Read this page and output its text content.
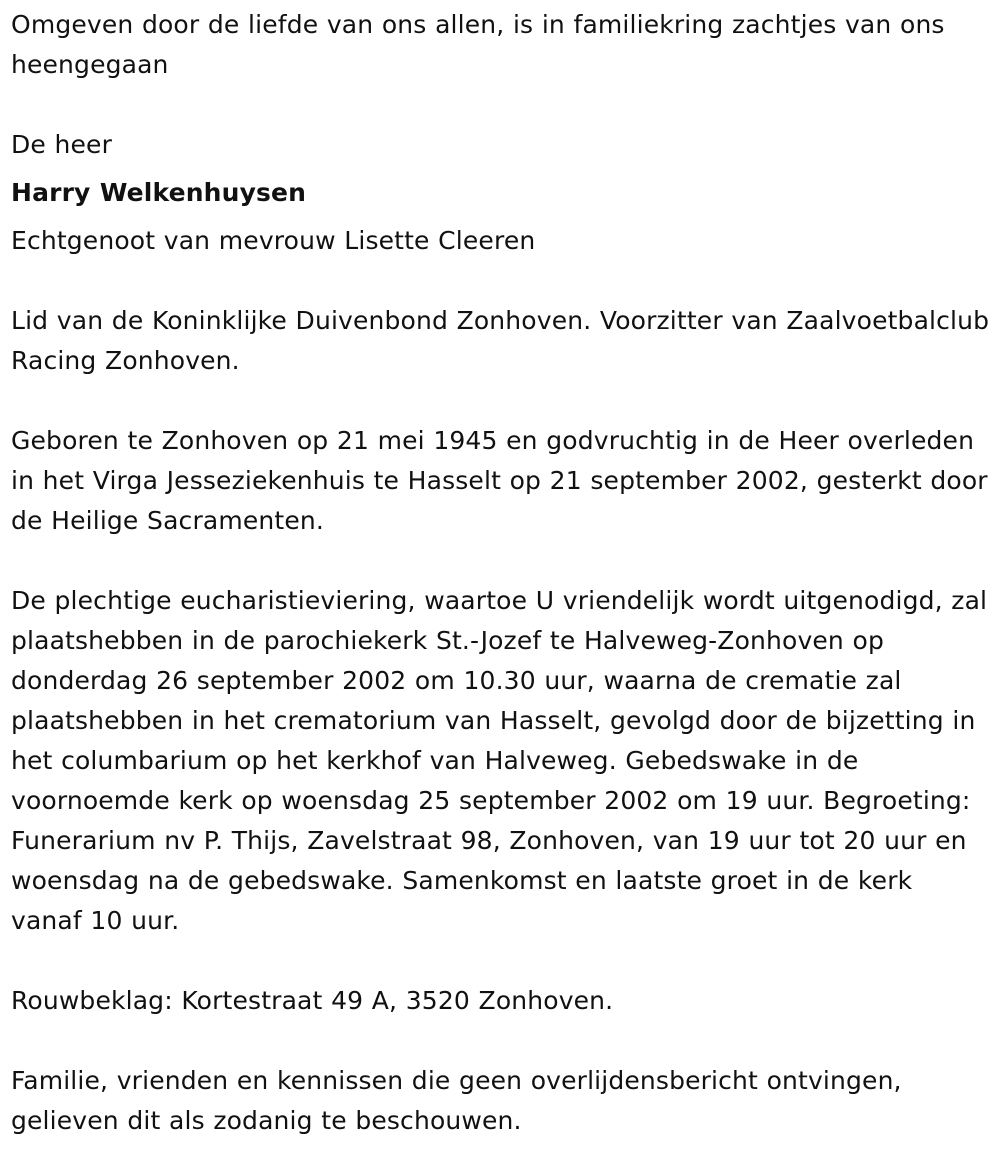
Omgeven door de liefde van ons allen, is in familiekring zachtjes van ons heengegaan

De heer

Harry Welkenhuysen

Echtgenoot van mevrouw Lisette Cleeren

Lid van de Koninklijke Duivenbond Zonhoven. Voorzitter van Zaalvoetbalclub Racing Zonhoven.

Geboren te Zonhoven op 21 mei 1945 en godvruchtig in de Heer overleden in het Virga Jesseziekenhuis te Hasselt op 21 september 2002, gesterkt door de Heilige Sacramenten.

De plechtige eucharistieviering, waartoe U vriendelijk wordt uitgenodigd, zal plaatshebben in de parochiekerk St.-Jozef te Halveweg-Zonhoven op donderdag 26 september 2002 om 10.30 uur, waarna de crematie zal plaatshebben in het crematorium van Hasselt, gevolgd door de bijzetting in het columbarium op het kerkhof van Halveweg. Gebedswake in de voornoemde kerk op woensdag 25 september 2002 om 19 uur. Begroeting: Funerarium nv P. Thijs, Zavelstraat 98, Zonhoven, van 19 uur tot 20 uur en woensdag na de gebedswake. Samenkomst en laatste groet in de kerk vanaf 10 uur.

Rouwbeklag: Kortestraat 49 A, 3520 Zonhoven.

Familie, vrienden en kennissen die geen overlijdensbericht ontvingen, gelieven dit als zodanig te beschouwen.
